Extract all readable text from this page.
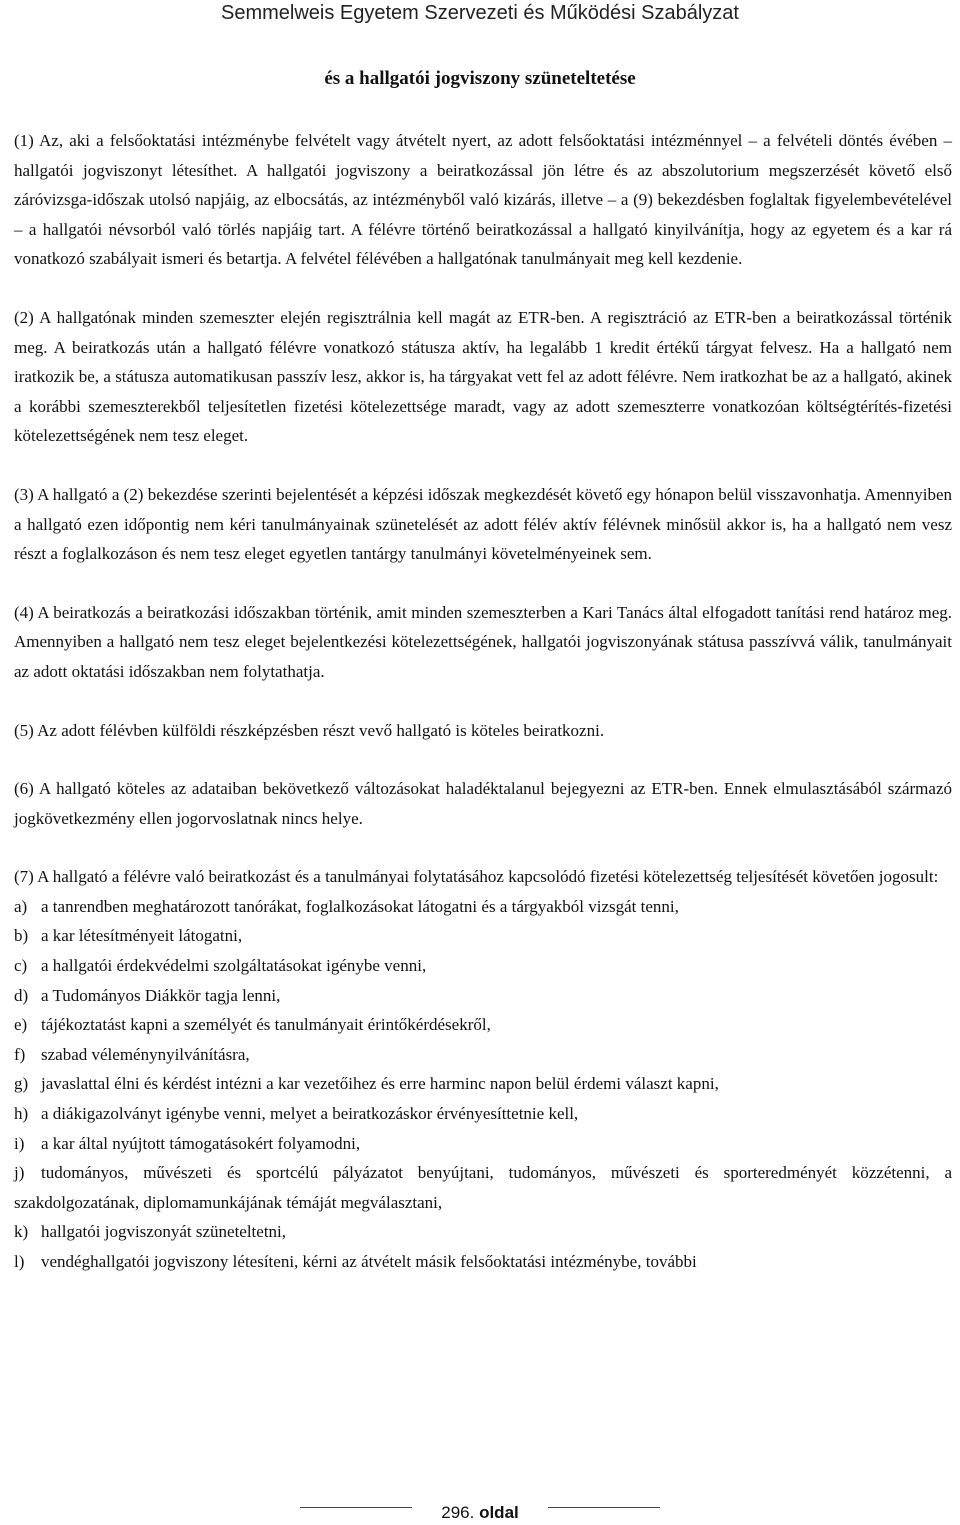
Semmelweis Egyetem Szervezeti és Működési Szabályzat
és a hallgatói jogviszony szüneteltetése

(1) Az, aki a felsőoktatási intézménybe felvételt vagy átvételt nyert, az adott felsőoktatási intézménnyel – a felvételi döntés évében – hallgatói jogviszonyt létesíthet. A hallgatói jogviszony a beiratkozással jön létre és az abszolutorium megszerzését követő első záróvizsga-időszak utolsó napjáig, az elbocsátás, az intézményből való kizárás, illetve – a (9) bekezdésben foglaltak figyelembevételével – a hallgatói névsorból való törlés napjáig tart. A félévre történő beiratkozással a hallgató kinyilvánítja, hogy az egyetem és a kar rá vonatkozó szabályait ismeri és betartja. A felvétel félévében a hallgatónak tanulmányait meg kell kezdenie.

(2) A hallgatónak minden szemeszter elején regisztrálnia kell magát az ETR-ben. A regisztráció az ETR-ben a beiratkozással történik meg. A beiratkozás után a hallgató félévre vonatkozó státusza aktív, ha legalább 1 kredit értékű tárgyat felvesz. Ha a hallgató nem iratkozik be, a státusza automatikusan passzív lesz, akkor is, ha tárgyakat vett fel az adott félévre. Nem iratkozhat be az a hallgató, akinek a korábbi szemeszterekből teljesítetlen fizetési kötelezettsége maradt, vagy az adott szemeszterre vonatkozóan költségtérítés-fizetési kötelezettségének nem tesz eleget.

(3) A hallgató a (2) bekezdése szerinti bejelentését a képzési időszak megkezdését követő egy hónapon belül visszavonhatja. Amennyiben a hallgató ezen időpontig nem kéri tanulmányainak szünetelését az adott félév aktív félévnek minősül akkor is, ha a hallgató nem vesz részt a foglalkozáson és nem tesz eleget egyetlen tantárgy tanulmányi követelményeinek sem.

(4) A beiratkozás a beiratkozási időszakban történik, amit minden szemeszterben a Kari Tanács által elfogadott tanítási rend határoz meg. Amennyiben a hallgató nem tesz eleget bejelentkezési kötelezettségének, hallgatói jogviszonyának státusa passzívvá válik, tanulmányait az adott oktatási időszakban nem folytathatja.

(5) Az adott félévben külföldi részképzésben részt vevő hallgató is köteles beiratkozni.

(6) A hallgató köteles az adataiban bekövetkező változásokat haladéktalanul bejegyezni az ETR-ben. Ennek elmulasztásából származó jogkövetkezmény ellen jogorvoslatnak nincs helye.

(7) A hallgató a félévre való beiratkozást és a tanulmányai folytatásához kapcsolódó fizetési kötelezettség teljesítését követően jogosult:

a) a tanrendben meghatározott tanórákat, foglalkozásokat látogatni és a tárgyakból vizsgát tenni,

b) a kar létesítményeit látogatni,

c) a hallgatói érdekvédelmi szolgáltatásokat igénybe venni,

d) a Tudományos Diákkör tagja lenni,

e) tájékoztatást kapni a személyét és tanulmányait érintőkérdésekről,

f) szabad véleménynyilvánításra,

g) javaslattal élni és kérdést intézni a kar vezetőihez és erre harminc napon belül érdemi választ kapni,

h) a diákigazolványt igénybe venni, melyet a beiratkozáskor érvényesíttetnie kell,

i) a kar által nyújtott támogatásokért folyamodni,

j) tudományos, művészeti és sportcélú pályázatot benyújtani, tudományos, művészeti és sporteredményét közzétenni, a szakdolgozatának, diplomamunkájának témáját megválasztani,

k) hallgatói jogviszonyát szüneteltetni,

l) vendéghallgatói jogviszony létesíteni, kérni az átvételt másik felsőoktatási intézménybe, további

296. oldal
